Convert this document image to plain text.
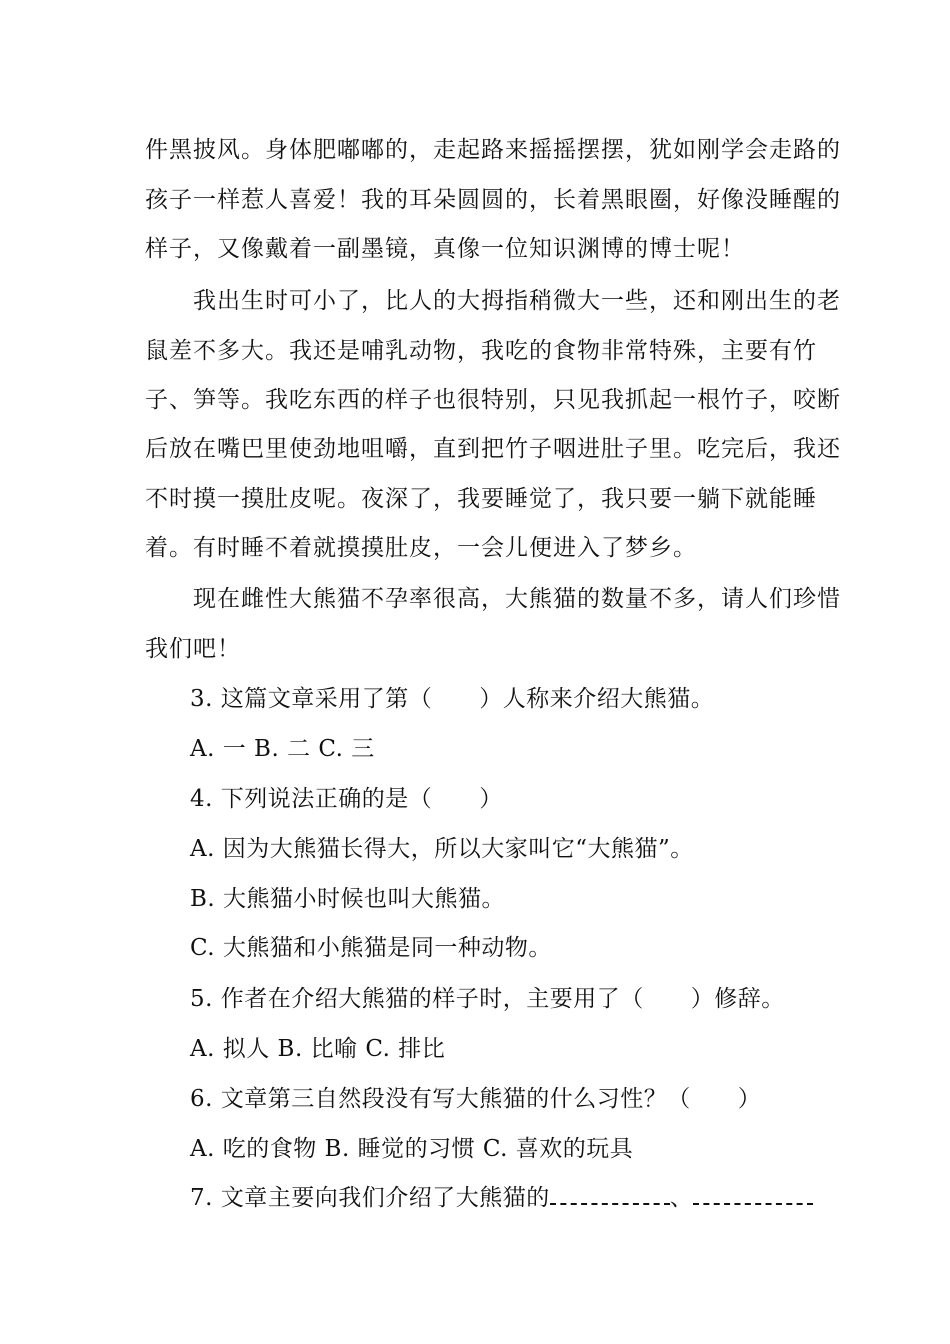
件黑披风。身体肥嘟嘟的，走起路来摇摇摆摆，犹如刚学会走路的
孩子一样惹人喜爱！我的耳朵圆圆的，长着黑眼圈，好像没睡醒的
样子，又像戴着一副墨镜，真像一位知识渊博的博士呢！
我出生时可小了，比人的大拇指稍微大一些，还和刚出生的老
鼠差不多大。我还是哺乳动物，我吃的食物非常特殊，主要有竹
子、笋等。我吃东西的样子也很特别，只见我抓起一根竹子，咬断
后放在嘴巴里使劲地咀嚼，直到把竹子咽进肚子里。吃完后，我还
不时摸一摸肚皮呢。夜深了，我要睡觉了，我只要一躺下就能睡
着。有时睡不着就摸摸肚皮，一会儿便进入了梦乡。
现在雌性大熊猫不孕率很高，大熊猫的数量不多，请人们珍惜
我们吧！
3. 这篇文章采用了第（　　）人称来介绍大熊猫。
A. 一 B. 二 C. 三
4. 下列说法正确的是（　　）
A. 因为大熊猫长得大，所以大家叫它“大熊猫”。
B. 大熊猫小时候也叫大熊猫。
C. 大熊猫和小熊猫是同一种动物。
5. 作者在介绍大熊猫的样子时，主要用了（　　）修辞。
A. 拟人 B. 比喻 C. 排比
6. 文章第三自然段没有写大熊猫的什么习性？（　　）
A. 吃的食物 B. 睡觉的习惯 C. 喜欢的玩具
7. 文章主要向我们介绍了大熊猫的	、
